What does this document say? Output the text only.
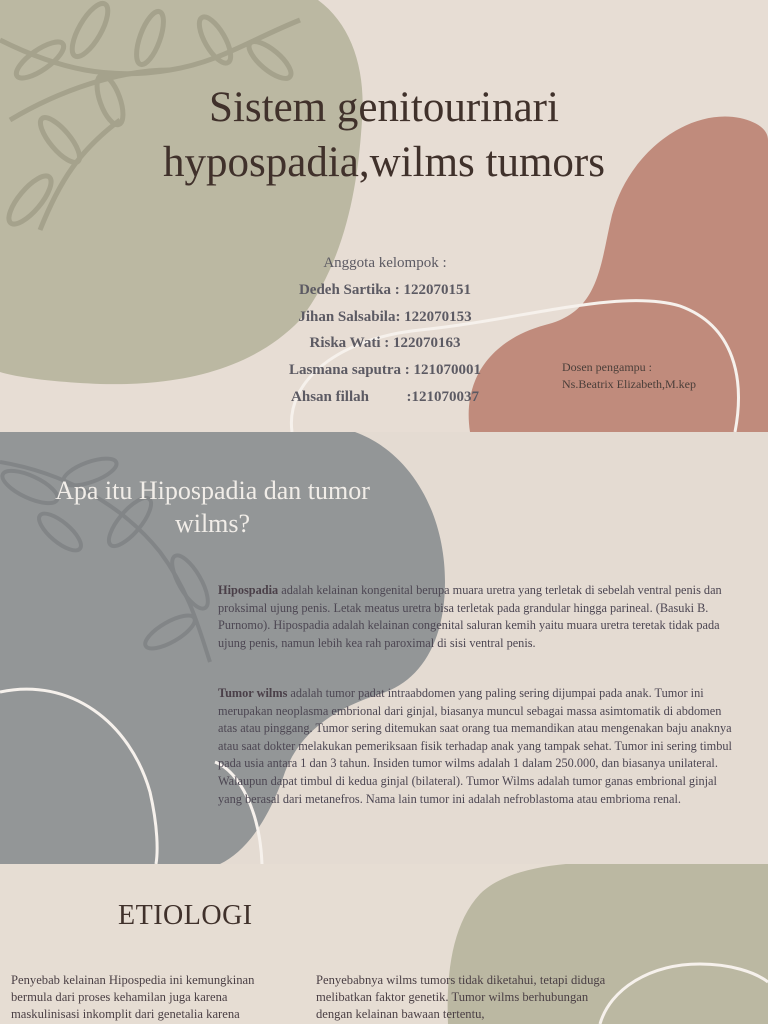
Sistem genitourinari
hypospadia,wilms tumors
Anggota kelompok :
Dedeh Sartika : 122070151
Jihan Salsabila: 122070153
Riska Wati : 122070163
Lasmana saputra : 121070001
Ahsan fillah          :121070037
Dosen pengampu :
Ns.Beatrix Elizabeth,M.kep
Apa itu Hipospadia dan tumor wilms?
Hipospadia adalah kelainan kongenital berupa muara uretra yang terletak di sebelah ventral penis dan proksimal ujung penis. Letak meatus uretra bisa terletak pada grandular hingga parineal. (Basuki B. Purnomo). Hipospadia adalah kelainan congenital saluran kemih yaitu muara uretra teretak tidak pada ujung penis, namun lebih kea rah paroximal di sisi ventral penis.
Tumor wilms adalah tumor padat intraabdomen yang paling sering dijumpai pada anak. Tumor ini merupakan neoplasma embrional dari ginjal, biasanya muncul sebagai massa asimtomatik di abdomen atas atau pinggang. Tumor sering ditemukan saat orang tua memandikan atau mengenakan baju anaknya atau saat dokter melakukan pemeriksaan fisik terhadap anak yang tampak sehat. Tumor ini sering timbul pada usia antara 1 dan 3 tahun. Insiden tumor wilms adalah 1 dalam 250.000, dan biasanya unilateral. Walaupun dapat timbul di kedua ginjal (bilateral). Tumor Wilms adalah tumor ganas embrional ginjal yang berasal dari metanefros. Nama lain tumor ini adalah nefroblastoma atau embrioma renal.
ETIOLOGI
Penyebab kelainan Hipospedia ini kemungkinan bermula dari proses kehamilan juga karena maskulinisasi inkomplit dari genetalia karena
Penyebabnya wilms tumors tidak diketahui, tetapi diduga melibatkan faktor genetik. Tumor wilms berhubungan dengan kelainan bawaan tertentu,
